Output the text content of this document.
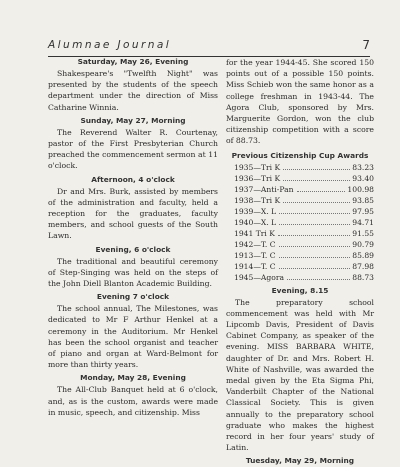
Alumnae Journal	7
Saturday, May 26, Evening

Shakespeare's "Twelfth Night" was presented by the students of the speech department under the direction of Miss Catharine Winnia.

Sunday, May 27, Morning

The Reverend Walter R. Courtenay, pastor of the First Presbyterian Church preached the commencement sermon at 11 o'clock.

Afternoon, 4 o'clock

Dr and Mrs. Burk, assisted by members of the administration and faculty, held a reception for the graduates, faculty members, and school guests of the South Lawn.

Evening, 6 o'clock

The traditional and beautiful ceremony of Step-Singing was held on the steps of the John Diell Blanton Academic Building.

Evening 7 o'clock

The school annual, The Milestones, was dedicated to Mr F Arthur Henkel at a ceremony in the Auditorium. Mr Henkel has been the school organist and teacher of piano and organ at Ward-Belmont for more than thirty years.

Monday, May 28, Evening

The All-Club Banquet held at 6 o'clock, and, as is the custom, awards were made in music, speech, and citizenship. Miss

for the year 1944-45. She scored 150 points out of a possible 150 points. Miss Schieb won the same honor as a college freshman in 1943-44. The Agora Club, sponsored by Mrs. Marguerite Gordon, won the club citizenship competition with a score of 88.73.

Previous Citizenship Cup Awards
1935—Tri K	83.23
1936—Tri K	93.40
1937—Anti-Pan	100.98
1938—Tri K	93.85
1939—X. L	97.95
1940—X. L	94.71
1941 Tri K	91.55
1942—T. C	90.79
1913—T. C	85.89
1914—T. C	87.98
1945—Agora	88.73
Evening, 8.15

The preparatory school commencement was held with Mr Lipcomb Davis, President of Davis Cabinet Company, as speaker of the evening. MISS BARBARA WHITE, daughter of Dr. and Mrs. Robert H. White of Nashville, was awarded the medal given by the Eta Sigma Phi, Vanderbilt Chapter of the National Classical Society. This is given annually to the preparatory school graduate who makes the highest record in her four years' study of Latin.

Tuesday, May 29, Morning
